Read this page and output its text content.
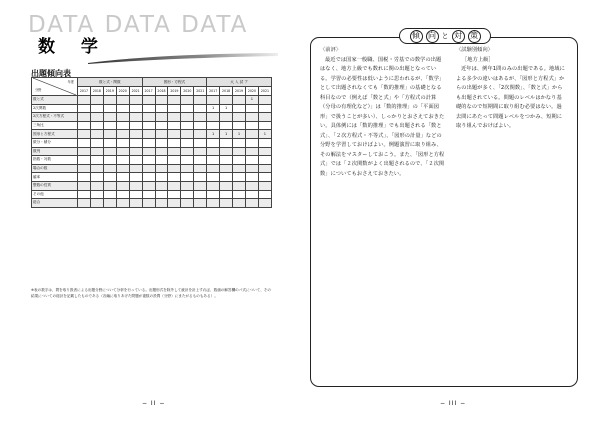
DATA DATA DATA
数 学
出題傾向表
年度
分野	数と式・関数					図形・方程式					大 入 試 ア				
	2017	2018	2019	2020	2021	2017	2018	2019	2020	2021	2017	2018	2019	2020	2021
数と式														1	
2次関数											1	1			
2次方程式・不等式															
三角比															
図形と方程式											1	1	1		1
微分・積分															
数列															
指数・対数															
場合の数															
確率															
整数の性質															
その他															
総合															
※表の数字は、問を取り扱者による出題分野について分析を行っている。出題形式を除外して統計を計上すれば、数値の解答欄のパ式について、その結果についての総計を記載したものである（各編に取りあげた問題が複数の設問（分野）にまたがるものもある）。
− II −
傾	向 と 対	策
〈前評〉

最近では国家一般職、国税・労基での数学の出題はなく、地方上級でも数れに関の出題となっている。学習の必要性は低いように思われるが、「数学」として出題されなくても「数的推理」の基礎となる科目なので（例えば「数と式」や「方程式の計算（分母の有理化など）」は「数的推理」の「平面図形」で扱うことが多い）、しっかりとおさえておきたい。具体例には「数的推理」でも出題される「数と式」、「２次方程式・不等式」、「図形の計量」などの分野を学習しておけばよい。例題演習に取り組み、その解法をマスターしておこう。また、「図形と方程式」では「２次関数がよく出題されるので、「２次関数」についてもおさえておきたい。

〈試験別傾向〉
［地方上級］

近年は、例年1問のみの出題である。地域による多少の違いはあるが、「図形と方程式」からの出題が多く、「2次関数」、「数と式」からも出題されている。問題のレベルはかなり基礎的なので短期間に取り組む必要はない。過去問にあたって問題レベルをつかみ、短期に取り組んでおけばよい。

− III −
